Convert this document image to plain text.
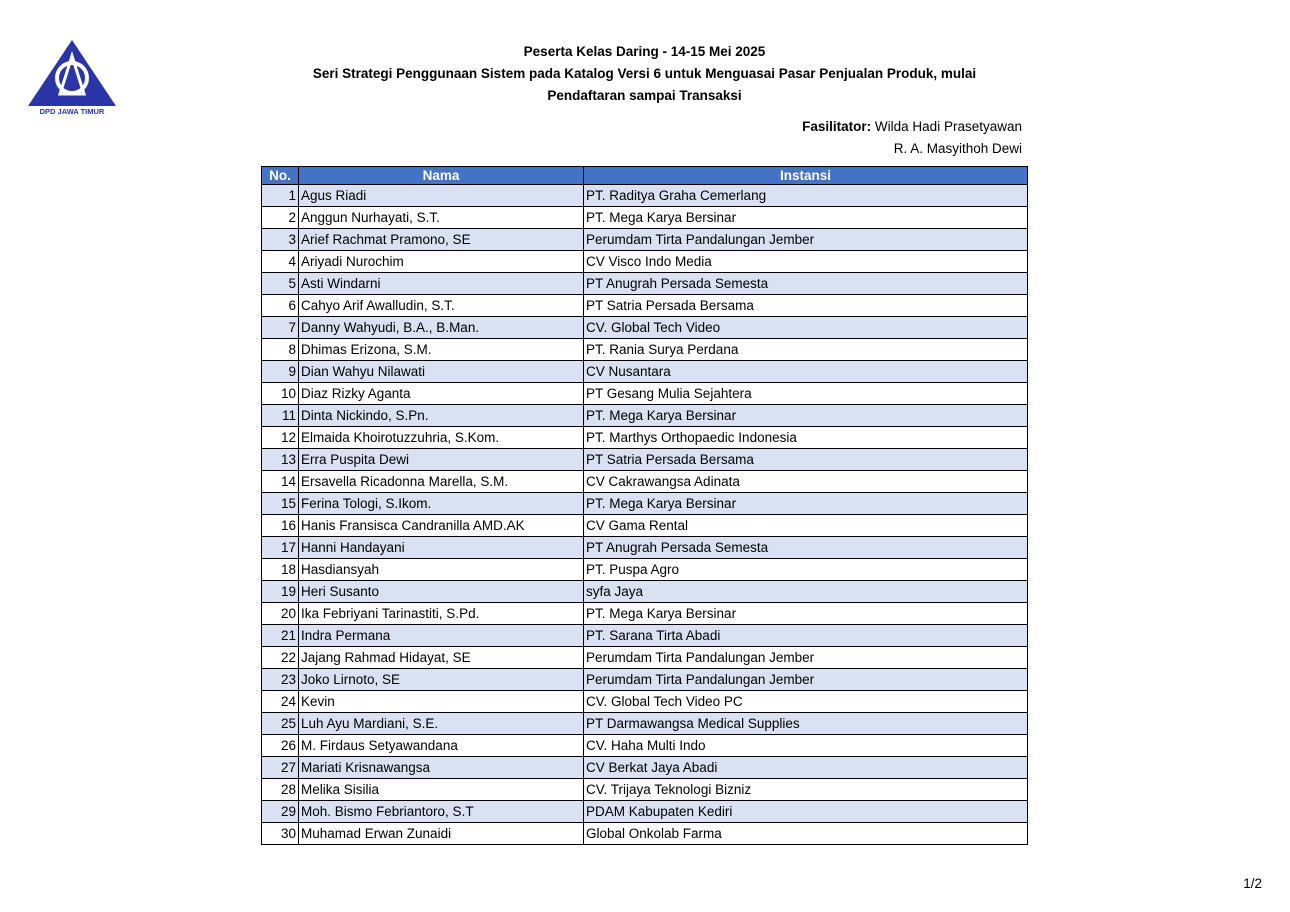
DPD JAWA TIMUR
Peserta Kelas Daring - 14-15 Mei 2025
Seri Strategi Penggunaan Sistem pada Katalog Versi 6 untuk Menguasai Pasar Penjualan Produk, mulai
Pendaftaran sampai Transaksi
Fasilitator: Wilda Hadi Prasetyawan
R. A. Masyithoh Dewi
No.	Nama	Instansi
1	Agus Riadi	PT. Raditya Graha Cemerlang
2	Anggun Nurhayati, S.T.	PT. Mega Karya Bersinar
3	Arief Rachmat Pramono, SE	Perumdam Tirta Pandalungan Jember
4	Ariyadi Nurochim	CV Visco Indo Media
5	Asti Windarni	PT Anugrah Persada Semesta
6	Cahyo Arif Awalludin, S.T.	PT Satria Persada Bersama
7	Danny Wahyudi, B.A., B.Man.	CV. Global Tech Video
8	Dhimas Erizona, S.M.	PT. Rania Surya Perdana
9	Dian Wahyu Nilawati	CV Nusantara
10	Diaz Rizky Aganta	PT Gesang Mulia Sejahtera
11	Dinta Nickindo, S.Pn.	PT. Mega Karya Bersinar
12	Elmaida Khoirotuzzuhria, S.Kom.	PT. Marthys Orthopaedic Indonesia
13	Erra Puspita Dewi	PT Satria Persada Bersama
14	Ersavella Ricadonna Marella, S.M.	CV Cakrawangsa Adinata
15	Ferina Tologi, S.Ikom.	PT. Mega Karya Bersinar
16	Hanis Fransisca Candranilla AMD.AK	CV Gama Rental
17	Hanni Handayani	PT Anugrah Persada Semesta
18	Hasdiansyah	PT. Puspa Agro
19	Heri Susanto	syfa Jaya
20	Ika Febriyani Tarinastiti, S.Pd.	PT. Mega Karya Bersinar
21	Indra Permana	PT. Sarana Tirta Abadi
22	Jajang Rahmad Hidayat, SE	Perumdam Tirta Pandalungan Jember
23	Joko Lirnoto, SE	Perumdam Tirta Pandalungan Jember
24	Kevin	CV. Global Tech Video PC
25	Luh Ayu Mardiani, S.E.	PT Darmawangsa Medical Supplies
26	M. Firdaus Setyawandana	CV. Haha Multi Indo
27	Mariati Krisnawangsa	CV Berkat Jaya Abadi
28	Melika Sisilia	CV. Trijaya Teknologi Bizniz
29	Moh. Bismo Febriantoro, S.T	PDAM Kabupaten Kediri
30	Muhamad Erwan Zunaidi	Global Onkolab Farma
1/2
